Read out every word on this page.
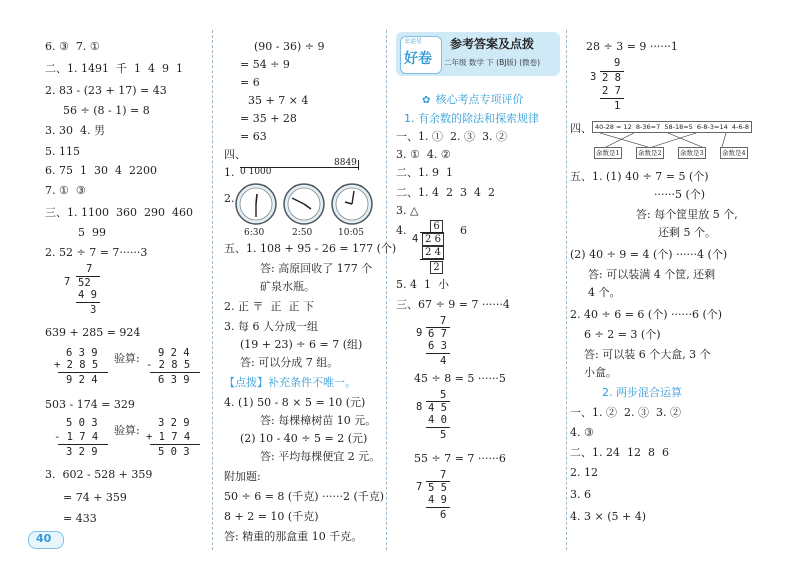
6. ③  7. ①
二、1. 1491  千  1  4  9  1
2. 83 - (23 + 17) = 43
56 ÷ (8 - 1) = 8
3. 30  4. 男
5. 115
6. 75  1  30  4  2200
7. ①  ③
三、1. 1100  360  290  460
5  99
2. 52 ÷ 7 = 7······3
7
7 52
4 9
3
639 + 285 = 924
6 3 9
+ 2 8 5
9 2 4
验算: 9 2 4
- 2 8 5
6 3 9
503 - 174 = 329
5 0 3
- 1 7 4
3 2 9
验算:
3 2 9
+ 1 7 4
5 0 3
3.  602 - 528 + 359
= 74 + 359
= 433
40
(90 - 36) ÷ 9
= 54 ÷ 9
= 6
35 + 7 × 4
= 35 + 28
= 63
四、
1. 0 1000
8849
2.
6:30	2:50	10:05
五、1. 108 + 95 - 26 = 177 (个)
答: 高原回收了 177 个
矿泉水瓶。
2. 正 〒  正  正 下
3. 每 6 人分成一组
(19 + 23) ÷ 6 = 7 (组)
答: 可以分成 7 组。
【点拨】补充条件不唯一。
4. (1) 50 - 8 × 5 = 10 (元)
答: 每棵樟树苗 10 元。
(2) 10 - 40 ÷ 5 = 2 (元)
答: 平均每棵便宜 2 元。
附加题:
50 ÷ 6 = 8 (千克) ······2 (千克)
8 + 2 = 10 (千克)
答: 精重的那盒重 10 千克。
幸运星
好卷
参考答案及点拨
二年级 数学 下 (BJ版) (微卷)
✿ 核心考点专项评价
1. 有余数的除法和探索规律
一、1. ①  2. ③  3. ②
3. ①  4. ②
二、1. 9  1
二、1. 4  2  3  4  2
3. △
4.	6
4 2 6
2 4
2
6
5. 4  1  小
三、67 ÷ 9 = 7 ······4
7
9 6 7
6 3
4
45 ÷ 8 = 5 ······5
5
8 4 5
4 0
5
55 ÷ 7 = 7 ······6
7
7 5 5
4 9
6
28 ÷ 3 = 9 ······1
9
3 2 8
2 7
1
四、 40-28 = 12  8-36=7  58-18=5  6-8-3=14  4-6-8
余数是1	余数是2	余数是3	余数是4
五、1. (1) 40 ÷ 7 = 5 (个)
······5 (个)
答: 每个筐里放 5 个,
还剩 5 个。
(2) 40 ÷ 9 = 4 (个) ······4 (个)
答: 可以装满 4 个筐, 还剩
4 个。
2. 40 ÷ 6 = 6 (个) ······6 (个)
6 ÷ 2 = 3 (个)
答: 可以装 6 个大盒, 3 个
小盒。
2. 两步混合运算
一、1. ②  2. ③  3. ②
4. ③
二、1. 24  12  8  6
2. 12
3. 6
4. 3 × (5 + 4)
